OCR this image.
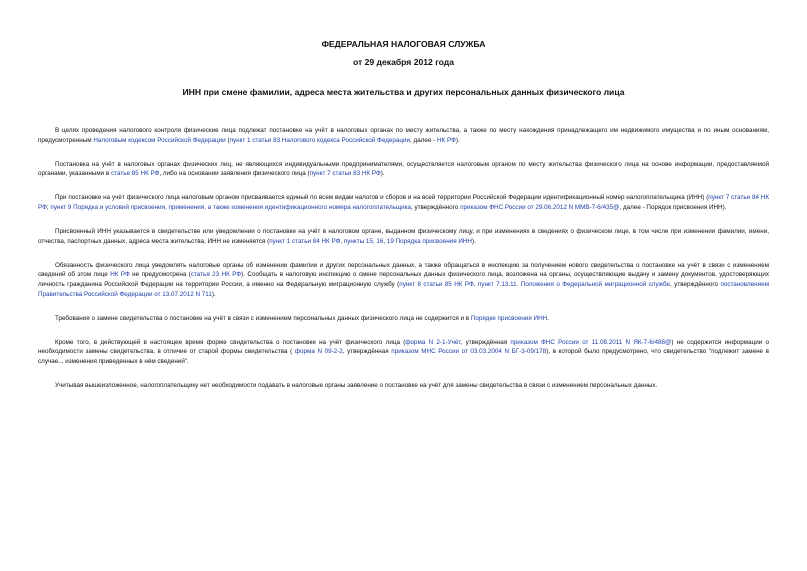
ФЕДЕРАЛЬНАЯ НАЛОГОВАЯ СЛУЖБА
от 29 декабря 2012 года
ИНН при смене фамилии, адреса места жительства и других персональных данных физического лица

В целях проведения налогового контроля физические лица подлежат постановке на учёт в налоговых органах по месту жительства, а также по месту нахождения принадлежащего им недвижимого имущества и по иным основаниям, предусмотренным Налоговым кодексом Российской Федерации (пункт 1 статьи 83 Налогового кодекса Российской Федерации, далее - НК РФ).

Постановка на учёт в налоговых органах физических лиц, не являющихся индивидуальными предпринимателями, осуществляется налоговым органом по месту жительства физического лица на основе информации, предоставляемой органами, указанными в статье 85 НК РФ, либо на основании заявления физического лица (пункт 7 статьи 83 НК РФ).

При постановке на учёт физического лица налоговым органом присваивается единый по всем видам налогов и сборов и на всей территории Российской Федерации идентификационный номер налогоплательщика (ИНН) (пункт 7 статьи 84 НК РФ; пункт 9 Порядка и условий присвоения, применения, а также изменения идентификационного номера налогоплательщика, утверждённого приказом ФНС России от 29.06.2012 N ММВ-7-6/435@, далее - Порядок присвоения ИНН).

Присвоенный ИНН указывается в свидетельстве или уведомлении о постановке на учёт в налоговом органе, выданном физическому лицу, и при изменениях в сведениях о физическом лице, в том числе при изменении фамилии, имени, отчества, паспортных данных, адреса места жительства, ИНН не изменяется (пункт 1 статьи 84 НК РФ, пункты 15, 16, 19 Порядка присвоения ИНН).

Обязанность физического лица уведомлять налоговые органы об изменении фамилии и других персональных данных, а также обращаться в инспекцию за получением нового свидетельства о постановке на учёт в связи с изменением сведений об этом лице НК РФ не предусмотрена (статья 23 НК РФ). Сообщать в налоговую инспекцию о смене персональных данных физического лица, возложена на органы, осуществляющие выдачу и замену документов, удостоверяющих личность гражданина Российской Федерации на территории России, а именно на Федеральную миграционную службу (пункт 8 статьи 85 НК РФ, пункт 7.13.11. Положения о Федеральной миграционной службе, утверждённого постановлением Правительства Российской Федерации от 13.07.2012 N 711).

Требования о замене свидетельства о постановке на учёт в связи с изменением персональных данных физического лица не содержится и в Порядке присвоения ИНН.

Кроме того, в действующей в настоящее время форме свидетельства о постановке на учёт физического лица (форма N 2-1-Учёт, утверждённая приказом ФНС России от 11.08.2011 N ЯК-7-6/488@) не содержится информации о необходимости замены свидетельства, в отличие от старой формы свидетельства ( форма N 09-2-2, утверждённая приказом МНС России от 03.03.2004 N БГ-3-09/178), в которой было предусмотрено, что свидетельство "подлежит замене в случае... изменения приведенных в нём сведений".

Учитывая вышеизложенное, налогоплательщику нет необходимости подавать в налоговые органы заявление о постановке на учёт для замены свидетельства в связи с изменением персональных данных.
